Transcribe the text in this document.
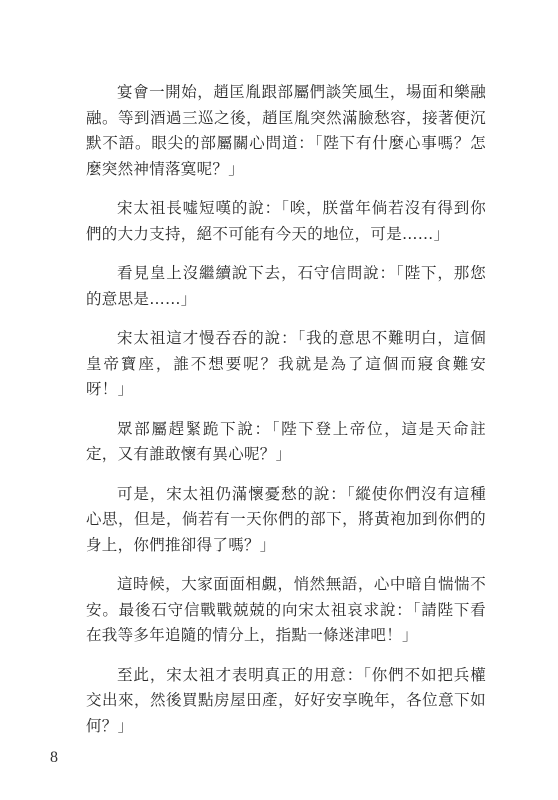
宴會一開始，趙匡胤跟部屬們談笑風生，場面和樂融融。等到酒過三巡之後，趙匡胤突然滿臉愁容，接著便沉默不語。眼尖的部屬關心問道：「陛下有什麼心事嗎？怎麼突然神情落寞呢？」

宋太祖長噓短嘆的說：「唉，朕當年倘若沒有得到你們的大力支持，絕不可能有今天的地位，可是……」

看見皇上沒繼續說下去，石守信問說：「陛下，那您的意思是……」

宋太祖這才慢吞吞的說：「我的意思不難明白，這個皇帝寶座，誰不想要呢？我就是為了這個而寢食難安呀！」

眾部屬趕緊跪下說：「陛下登上帝位，這是天命註定，又有誰敢懷有異心呢？」

可是，宋太祖仍滿懷憂愁的說：「縱使你們沒有這種心思，但是，倘若有一天你們的部下，將黃袍加到你們的身上，你們推卻得了嗎？」

這時候，大家面面相覷，悄然無語，心中暗自惴惴不安。最後石守信戰戰兢兢的向宋太祖哀求說：「請陛下看在我等多年追隨的情分上，指點一條迷津吧！」

至此，宋太祖才表明真正的用意：「你們不如把兵權交出來，然後買點房屋田產，好好安享晚年，各位意下如何？」

8
